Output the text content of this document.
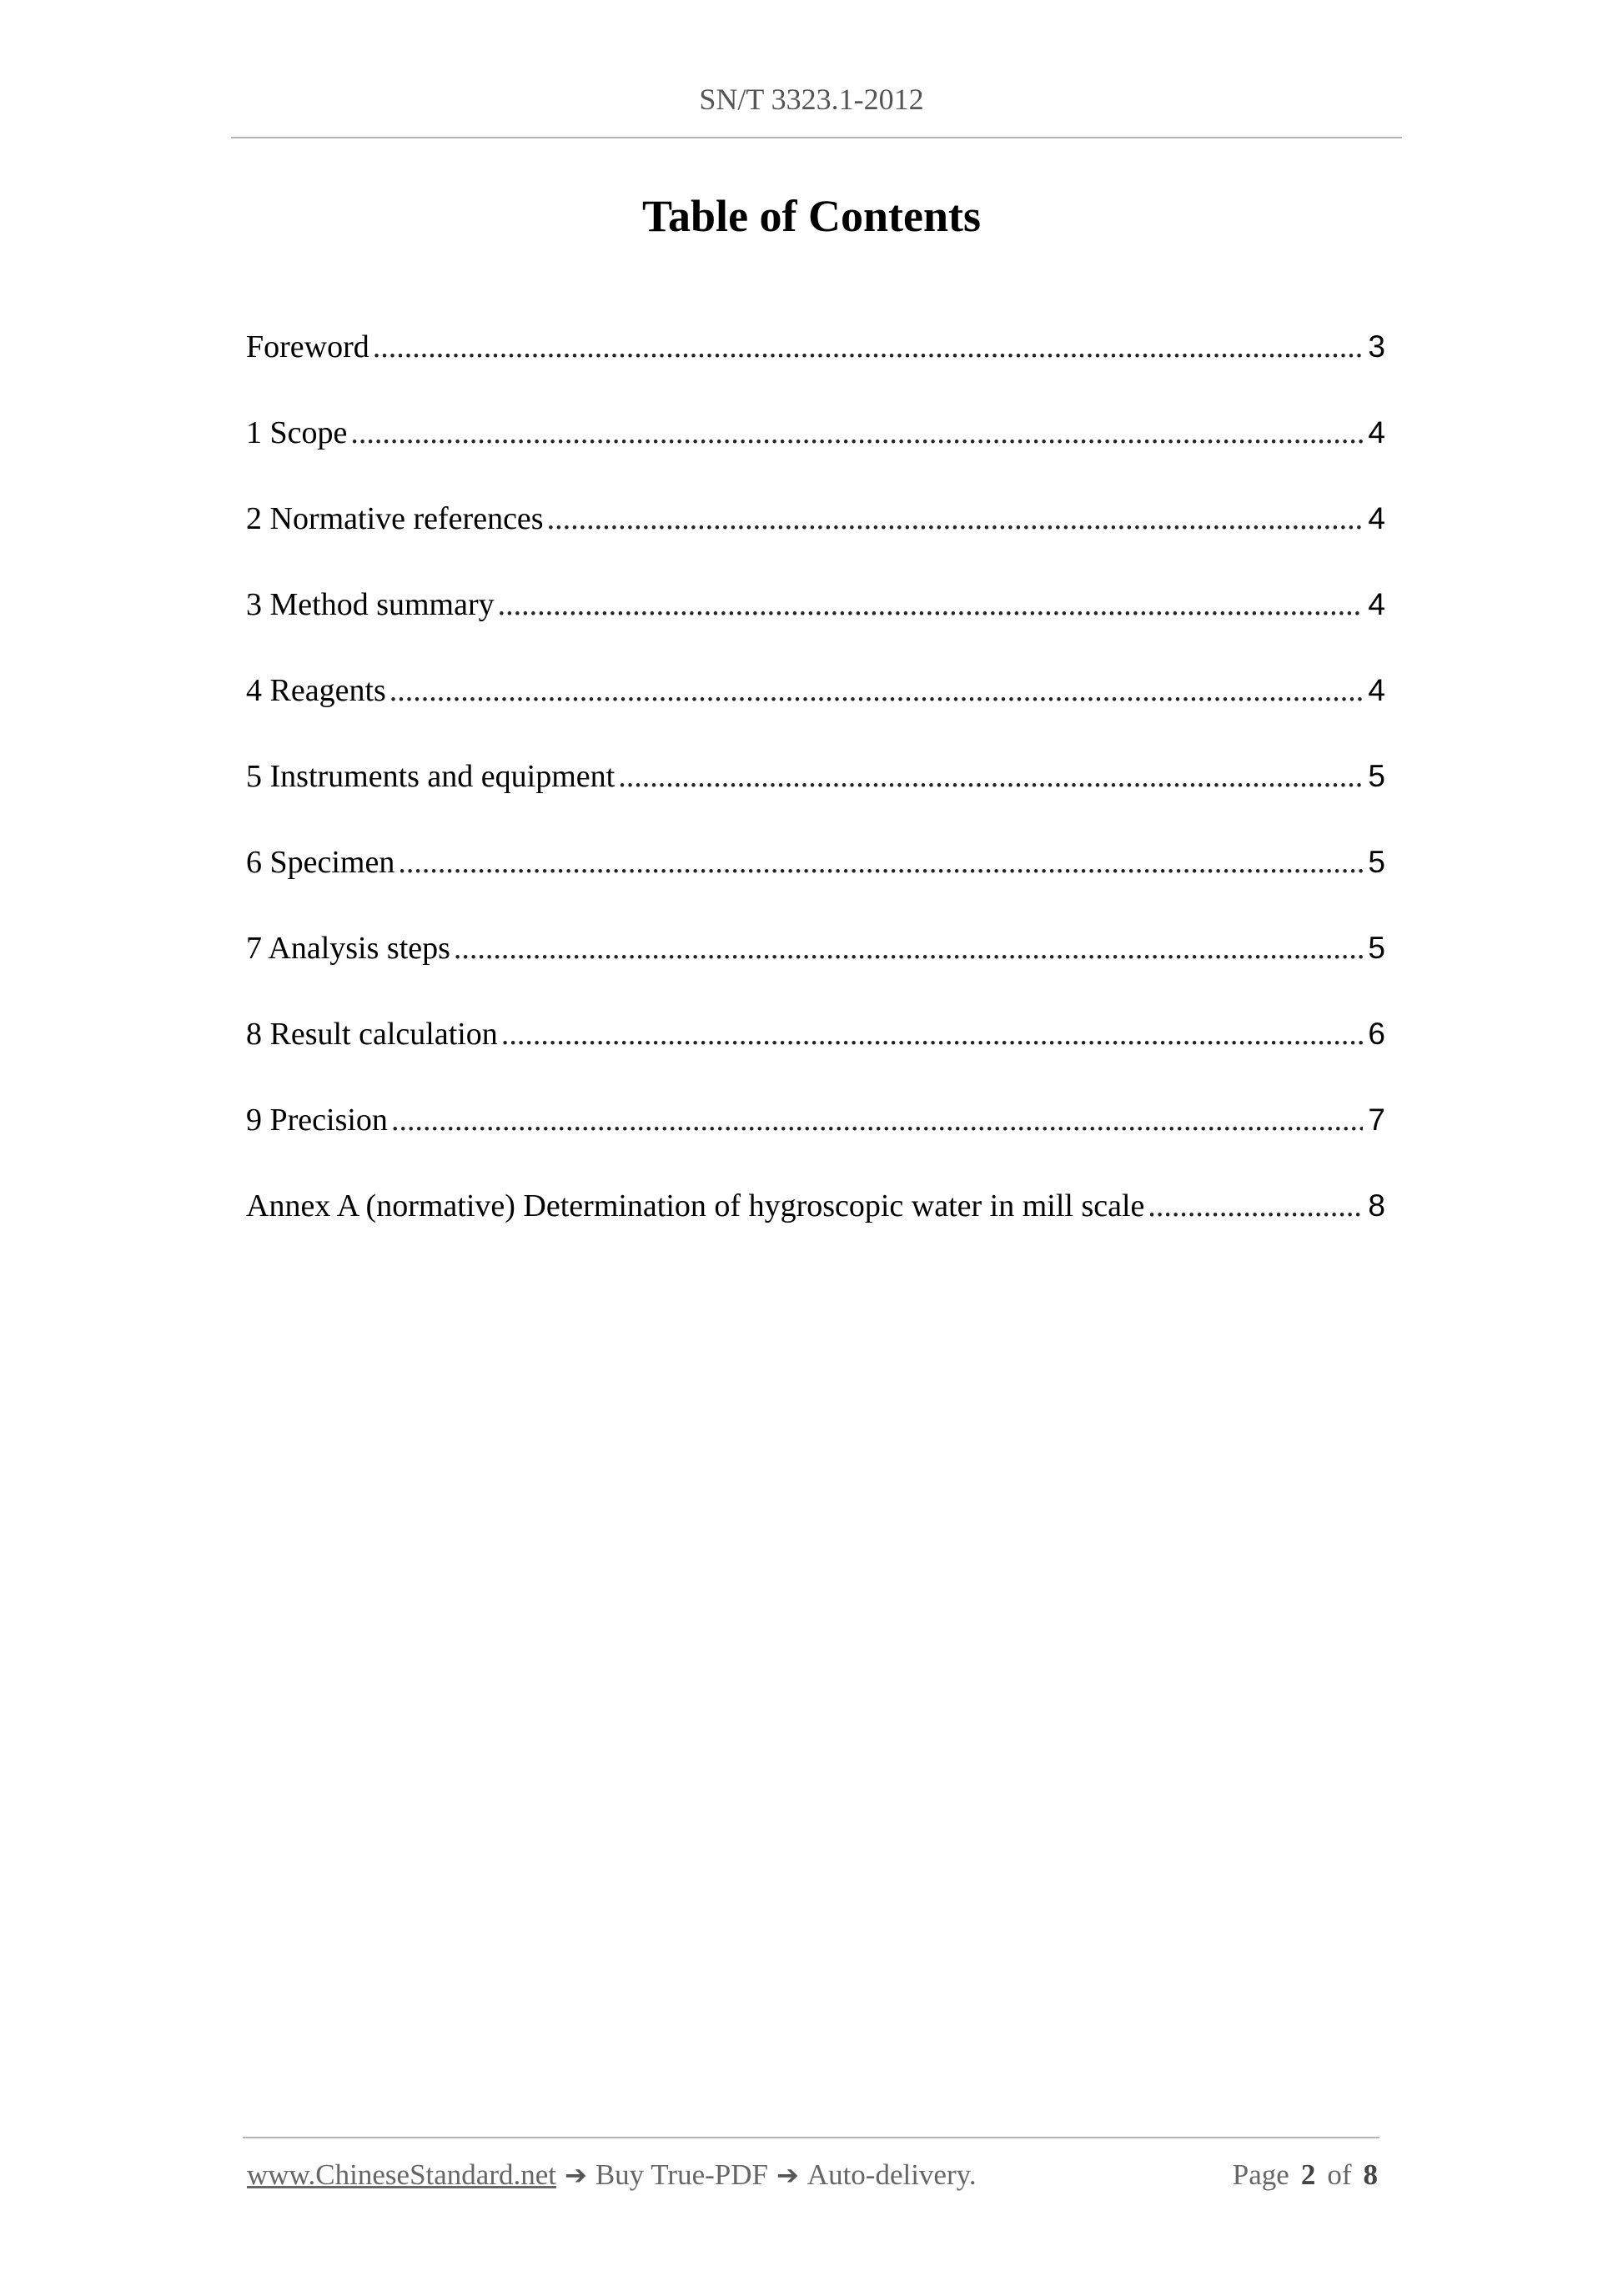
SN/T 3323.1-2012
Table of Contents
Foreword .....	3
1 Scope .....	4
2 Normative references .....	4
3 Method summary .....	4
4 Reagents .....	4
5 Instruments and equipment .....	5
6 Specimen .....	5
7 Analysis steps .....	5
8 Result calculation .....	6
9 Precision .....	7
Annex A (normative) Determination of hygroscopic water in mill scale .....	8
www.ChineseStandard.net ➔ Buy True-PDF ➔ Auto-delivery.	Page 2 of 8
